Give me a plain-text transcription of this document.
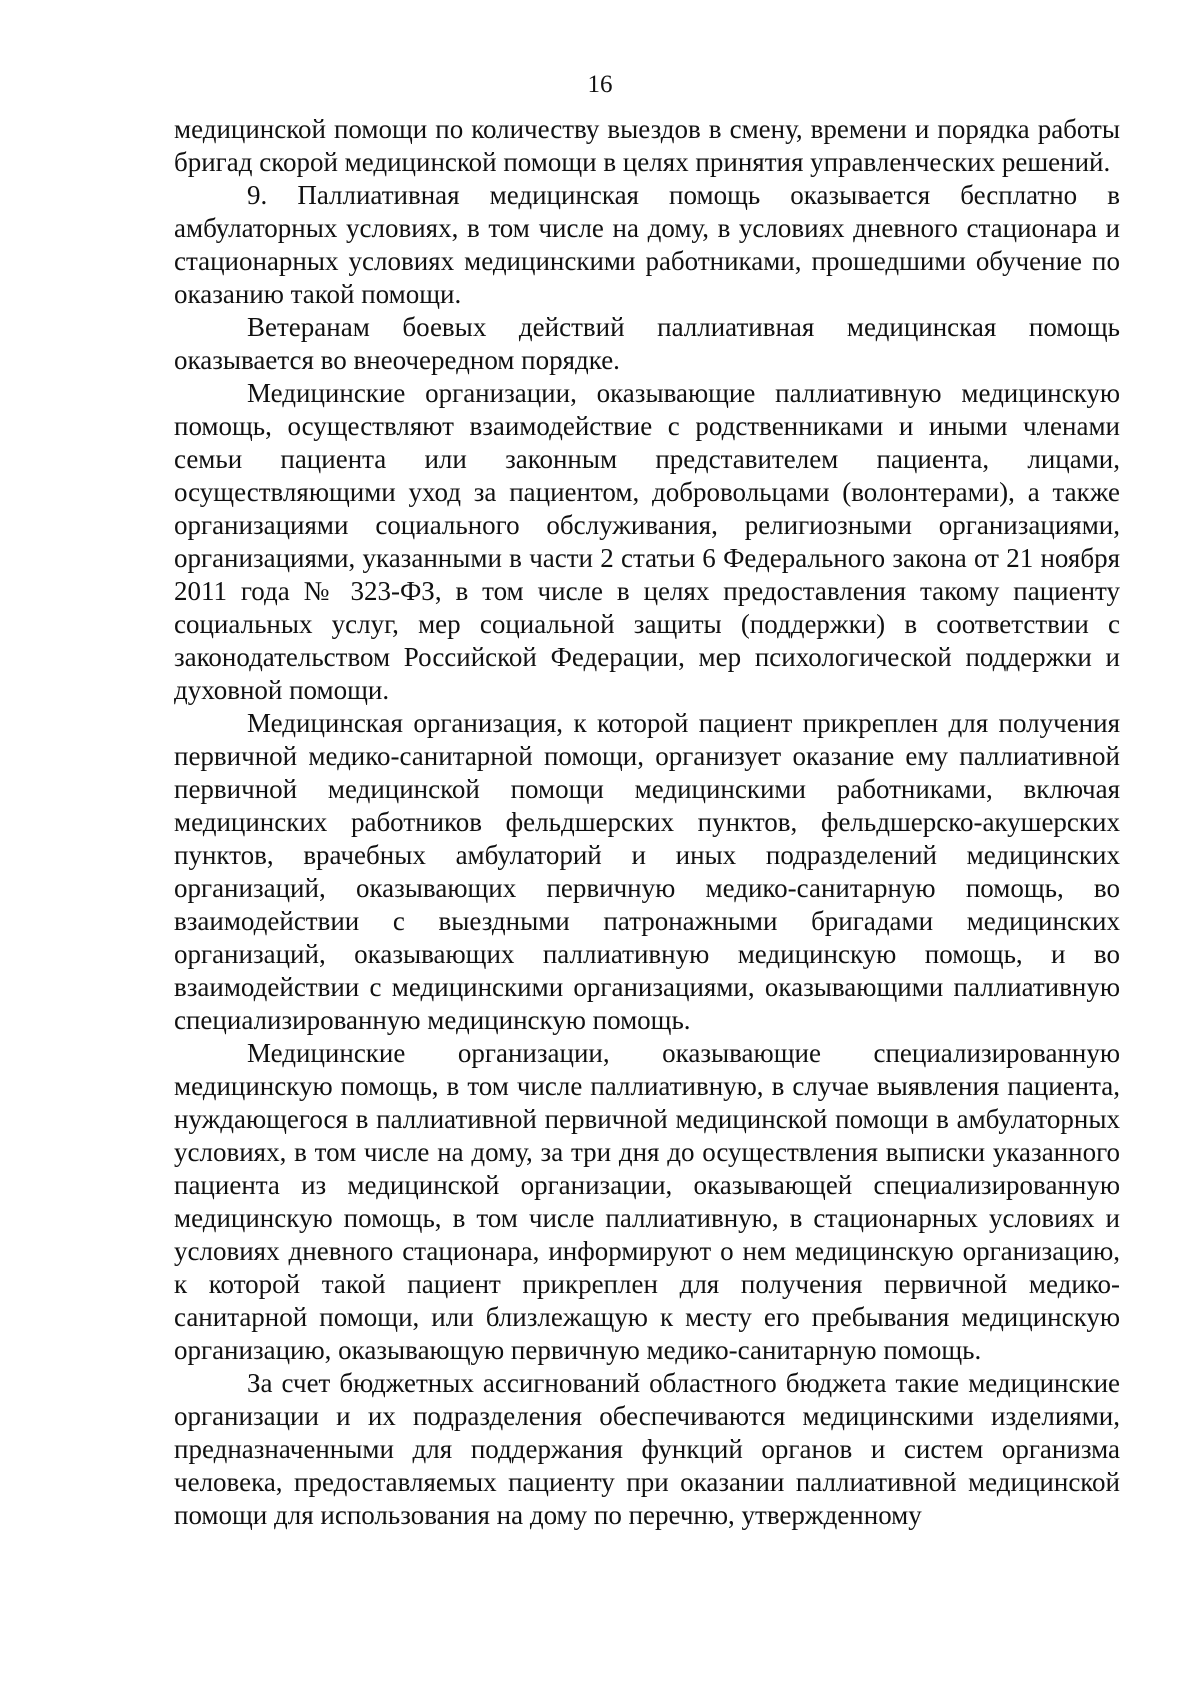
16

медицинской помощи по количеству выездов в смену, времени и порядка работы бригад скорой медицинской помощи в целях принятия управленческих решений.

9. Паллиативная медицинская помощь оказывается бесплатно в амбулаторных условиях, в том числе на дому, в условиях дневного стационара и стационарных условиях медицинскими работниками, прошедшими обучение по оказанию такой помощи.

Ветеранам боевых действий паллиативная медицинская помощь оказывается во внеочередном порядке.

Медицинские организации, оказывающие паллиативную медицинскую помощь, осуществляют взаимодействие с родственниками и иными членами семьи пациента или законным представителем пациента, лицами, осуществляющими уход за пациентом, добровольцами (волонтерами), а также организациями социального обслуживания, религиозными организациями, организациями, указанными в части 2 статьи 6 Федерального закона от 21 ноября 2011 года № 323-ФЗ, в том числе в целях предоставления такому пациенту социальных услуг, мер социальной защиты (поддержки) в соответствии с законодательством Российской Федерации, мер психологической поддержки и духовной помощи.

Медицинская организация, к которой пациент прикреплен для получения первичной медико-санитарной помощи, организует оказание ему паллиативной первичной медицинской помощи медицинскими работниками, включая медицинских работников фельдшерских пунктов, фельдшерско-акушерских пунктов, врачебных амбулаторий и иных подразделений медицинских организаций, оказывающих первичную медико-санитарную помощь, во взаимодействии с выездными патронажными бригадами медицинских организаций, оказывающих паллиативную медицинскую помощь, и во взаимодействии с медицинскими организациями, оказывающими паллиативную специализированную медицинскую помощь.

Медицинские организации, оказывающие специализированную медицинскую помощь, в том числе паллиативную, в случае выявления пациента, нуждающегося в паллиативной первичной медицинской помощи в амбулаторных условиях, в том числе на дому, за три дня до осуществления выписки указанного пациента из медицинской организации, оказывающей специализированную медицинскую помощь, в том числе паллиативную, в стационарных условиях и условиях дневного стационара, информируют о нем медицинскую организацию, к которой такой пациент прикреплен для получения первичной медико-санитарной помощи, или близлежащую к месту его пребывания медицинскую организацию, оказывающую первичную медико-санитарную помощь.

За счет бюджетных ассигнований областного бюджета такие медицинские организации и их подразделения обеспечиваются медицинскими изделиями, предназначенными для поддержания функций органов и систем организма человека, предоставляемых пациенту при оказании паллиативной медицинской помощи для использования на дому по перечню, утвержденному
